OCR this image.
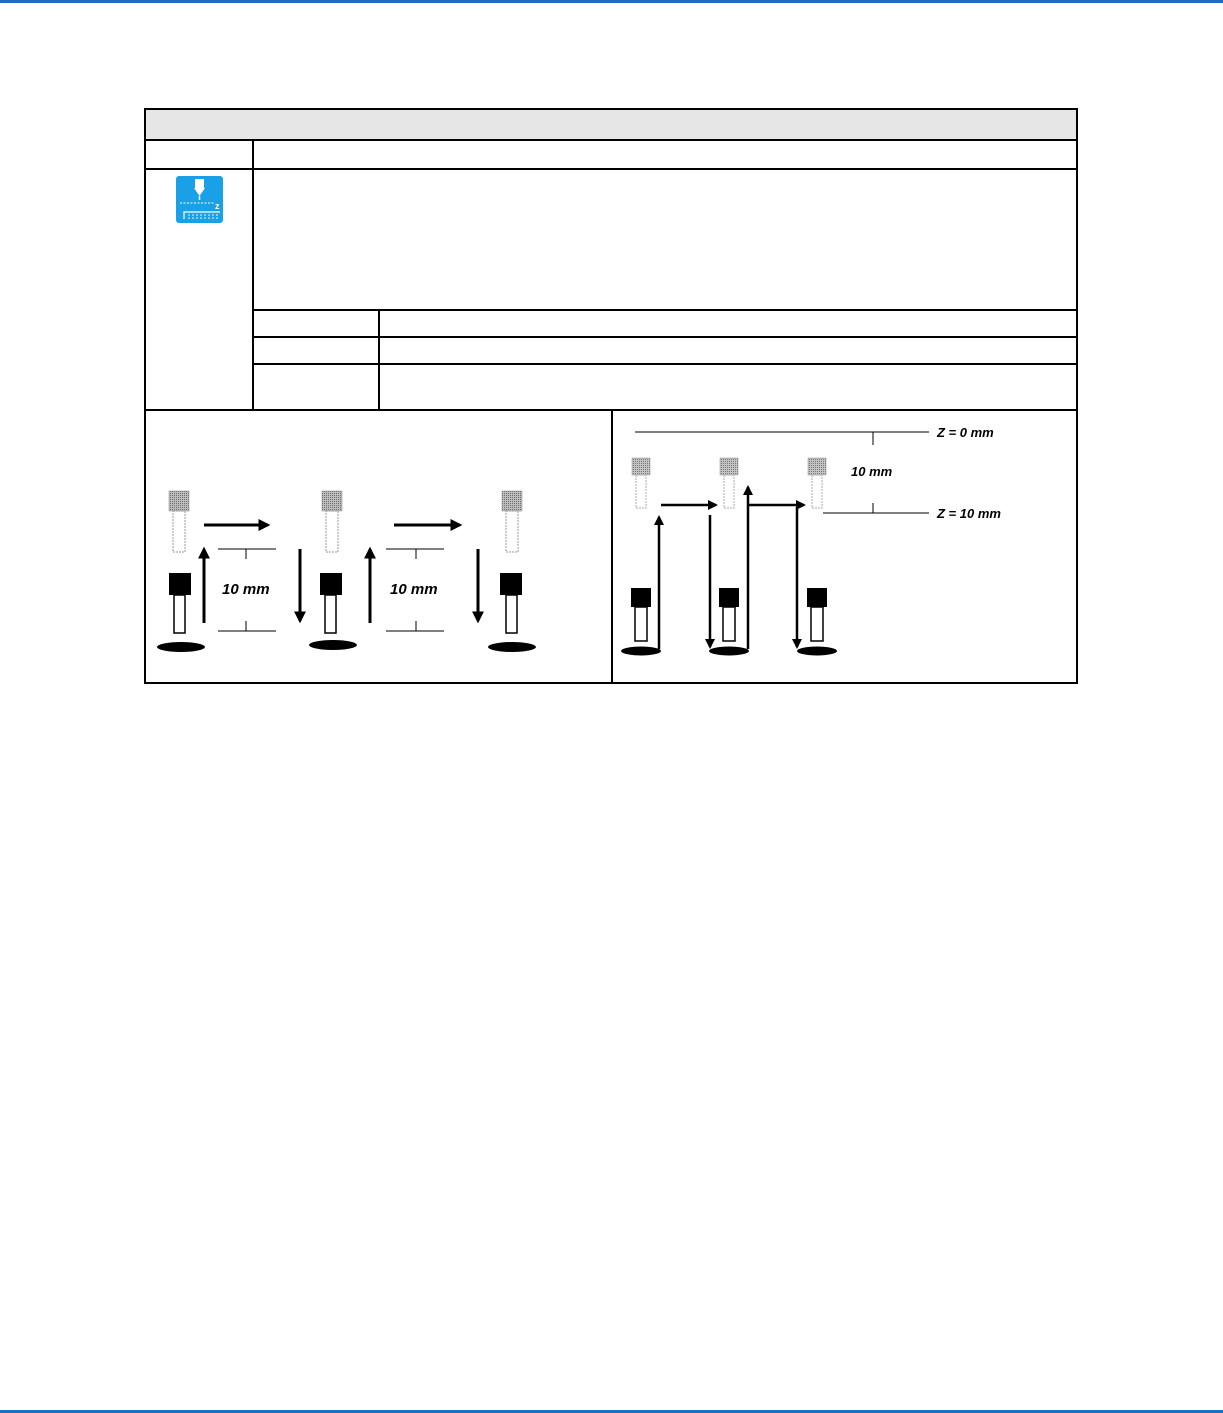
z
10 mm	10 mm
Z = 0 mm
10 mm
Z = 10 mm
